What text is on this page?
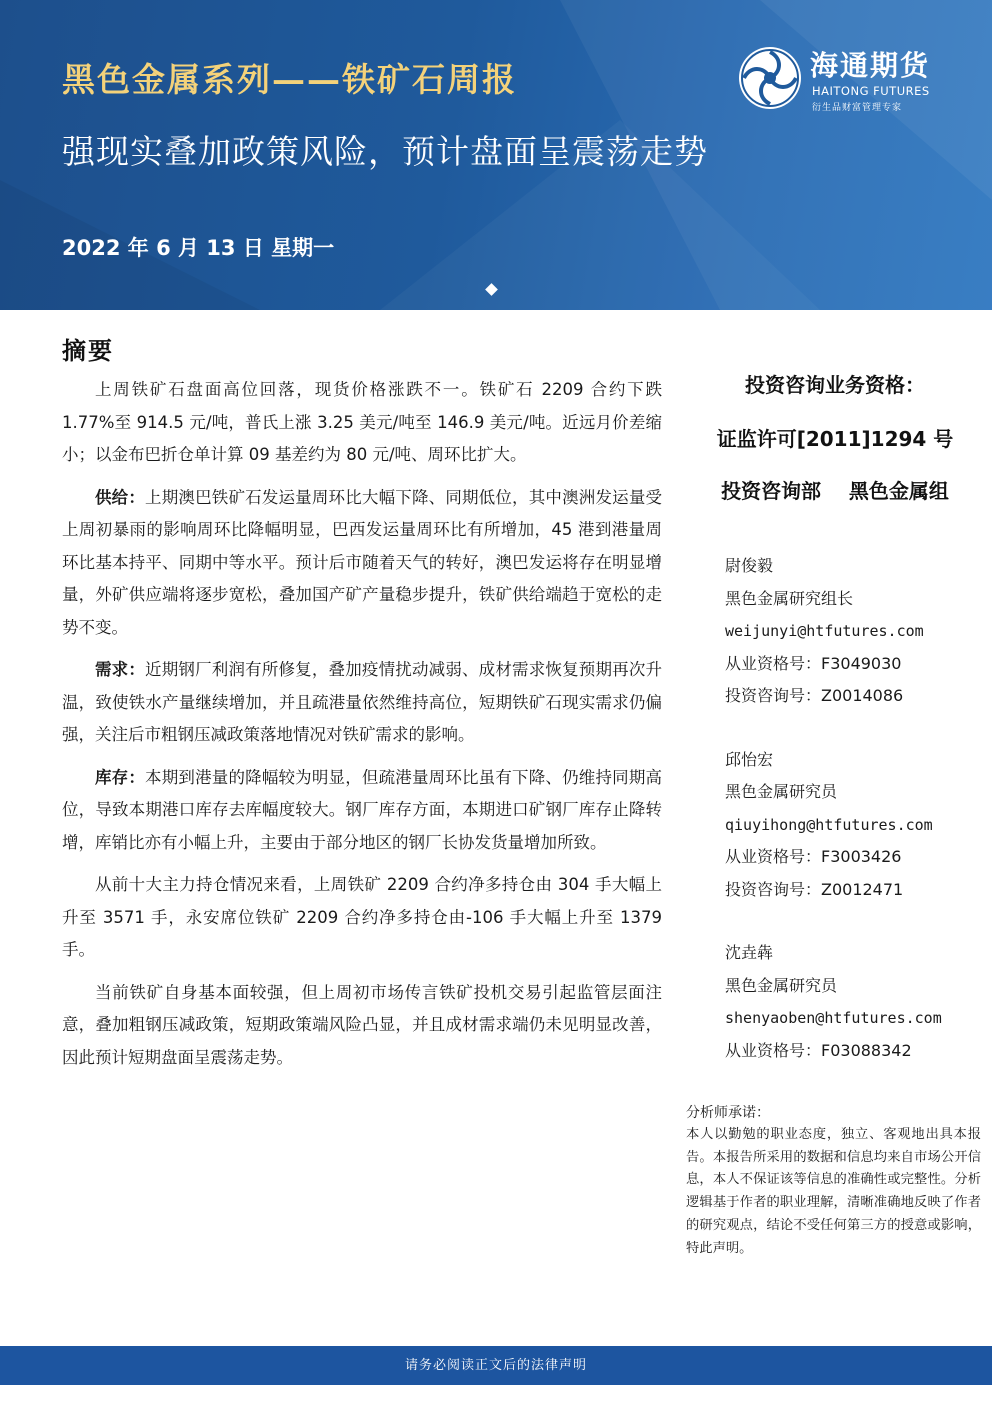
黑色金属系列——铁矿石周报
强现实叠加政策风险，预计盘面呈震荡走势
2022 年 6 月 13 日 星期一
海通期货
HAITONG FUTURES
衍生品财富管理专家
摘要

上周铁矿石盘面高位回落，现货价格涨跌不一。铁矿石 2209 合约下跌 1.77%至 914.5 元/吨，普氏上涨 3.25 美元/吨至 146.9 美元/吨。近远月价差缩小；以金布巴折仓单计算 09 基差约为 80 元/吨、周环比扩大。

供给：上期澳巴铁矿石发运量周环比大幅下降、同期低位，其中澳洲发运量受上周初暴雨的影响周环比降幅明显，巴西发运量周环比有所增加，45 港到港量周环比基本持平、同期中等水平。预计后市随着天气的转好，澳巴发运将存在明显增量，外矿供应端将逐步宽松，叠加国产矿产量稳步提升，铁矿供给端趋于宽松的走势不变。

需求：近期钢厂利润有所修复，叠加疫情扰动减弱、成材需求恢复预期再次升温，致使铁水产量继续增加，并且疏港量依然维持高位，短期铁矿石现实需求仍偏强，关注后市粗钢压减政策落地情况对铁矿需求的影响。

库存：本期到港量的降幅较为明显，但疏港量周环比虽有下降、仍维持同期高位，导致本期港口库存去库幅度较大。钢厂库存方面，本期进口矿钢厂库存止降转增，库销比亦有小幅上升，主要由于部分地区的钢厂长协发货量增加所致。

从前十大主力持仓情况来看，上周铁矿 2209 合约净多持仓由 304 手大幅上升至 3571 手，永安席位铁矿 2209 合约净多持仓由-106 手大幅上升至 1379 手。

当前铁矿自身基本面较强，但上周初市场传言铁矿投机交易引起监管层面注意，叠加粗钢压减政策，短期政策端风险凸显，并且成材需求端仍未见明显改善，因此预计短期盘面呈震荡走势。

投资咨询业务资格：
证监许可[2011]1294 号
投资咨询部    黑色金属组
尉俊毅
黑色金属研究组长
weijunyi@htfutures.com
从业资格号：F3049030
投资咨询号：Z0014086
邱怡宏
黑色金属研究员
qiuyihong@htfutures.com
从业资格号：F3003426
投资咨询号：Z0012471
沈垚犇
黑色金属研究员
shenyaoben@htfutures.com
从业资格号：F03088342
分析师承诺：
本人以勤勉的职业态度，独立、客观地出具本报告。本报告所采用的数据和信息均来自市场公开信息，本人不保证该等信息的准确性或完整性。分析逻辑基于作者的职业理解，清晰准确地反映了作者的研究观点，结论不受任何第三方的授意或影响，特此声明。
请务必阅读正文后的法律声明
